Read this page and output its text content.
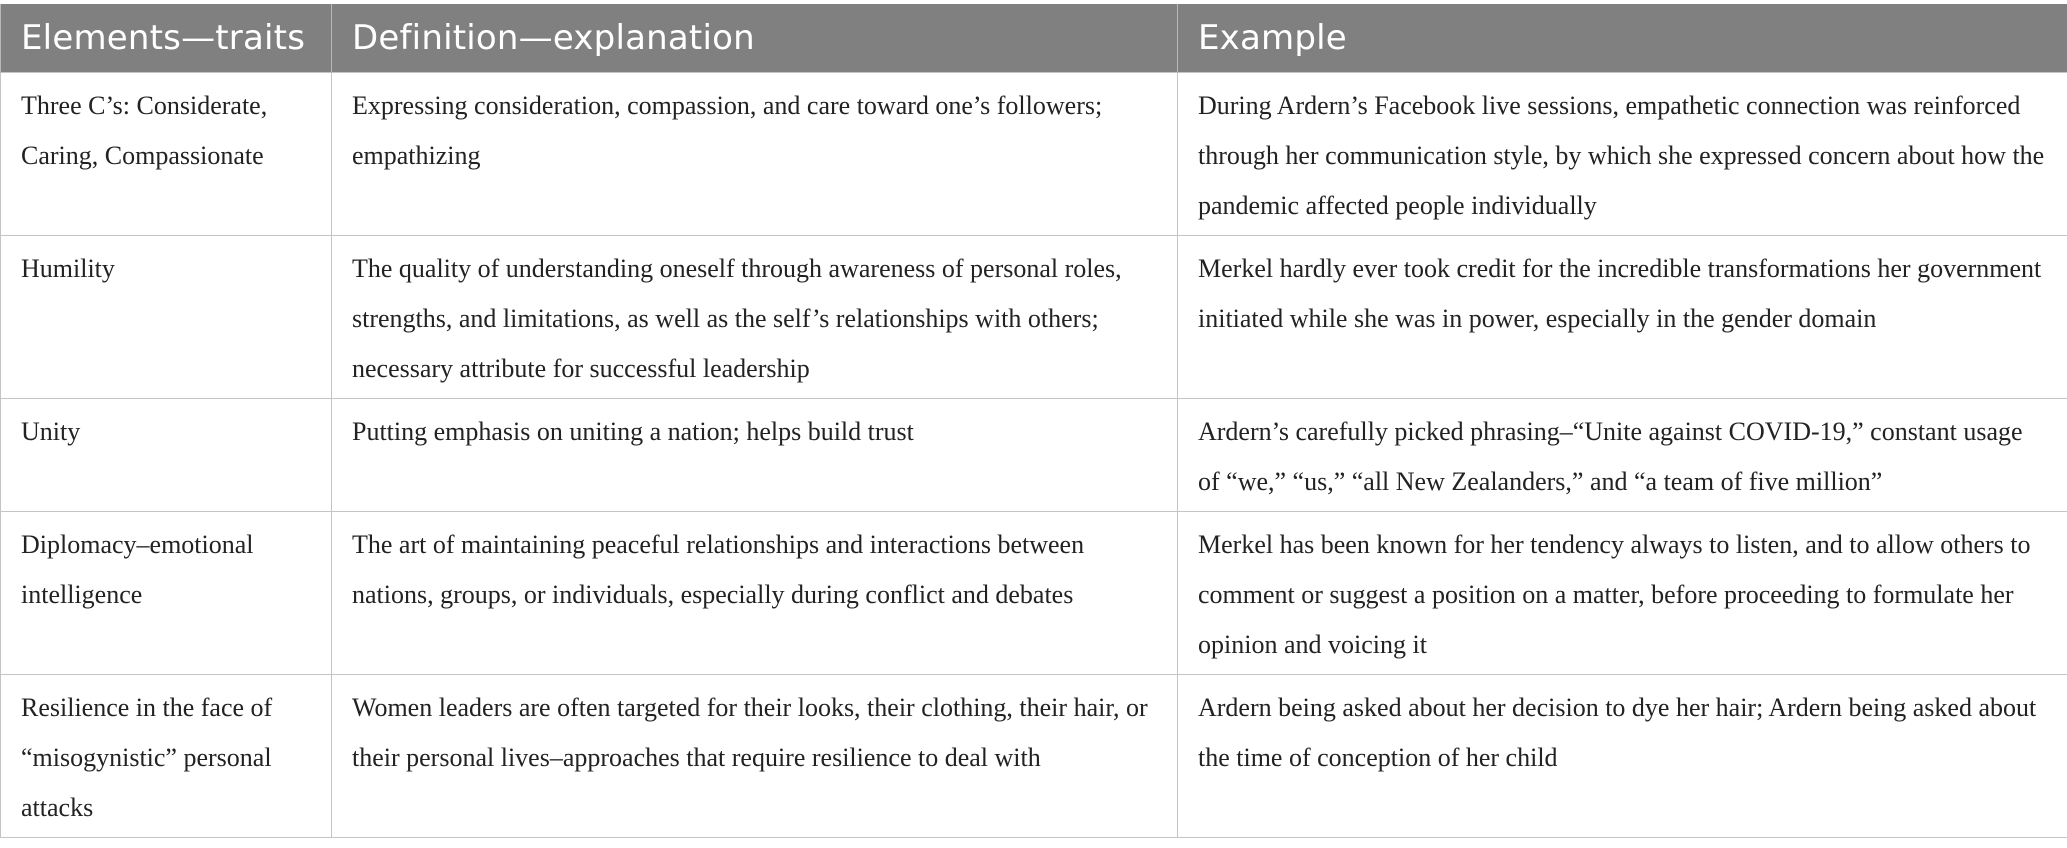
Elements—traits	Definition—explanation	Example
Three C’s: Considerate, Caring, Compassionate	Expressing consideration, compassion, and care toward one’s followers; empathizing	During Ardern’s Facebook live sessions, empathetic connection was reinforced through her communication style, by which she expressed concern about how the pandemic affected people individually
Humility	The quality of understanding oneself through awareness of personal roles, strengths, and limitations, as well as the self’s relationships with others; necessary attribute for successful leadership	Merkel hardly ever took credit for the incredible transformations her government initiated while she was in power, especially in the gender domain
Unity	Putting emphasis on uniting a nation; helps build trust	Ardern’s carefully picked phrasing–“Unite against COVID-19,” constant usage of “we,” “us,” “all New Zealanders,” and “a team of five million”
Diplomacy–emotional intelligence	The art of maintaining peaceful relationships and interactions between nations, groups, or individuals, especially during conflict and debates	Merkel has been known for her tendency always to listen, and to allow others to comment or suggest a position on a matter, before proceeding to formulate her opinion and voicing it
Resilience in the face of “misogynistic” personal attacks	Women leaders are often targeted for their looks, their clothing, their hair, or their personal lives–approaches that require resilience to deal with	Ardern being asked about her decision to dye her hair; Ardern being asked about the time of conception of her child
